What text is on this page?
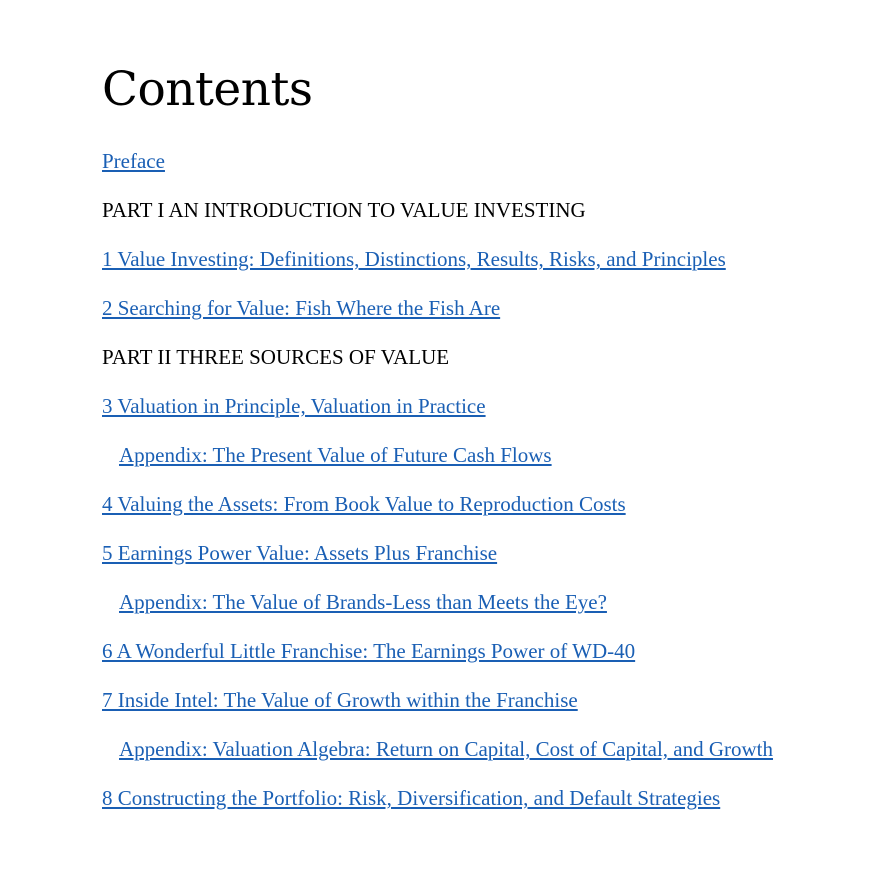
Contents

Preface

PART I AN INTRODUCTION TO VALUE INVESTING

1 Value Investing: Definitions, Distinctions, Results, Risks, and Principles

2 Searching for Value: Fish Where the Fish Are

PART II THREE SOURCES OF VALUE

3 Valuation in Principle, Valuation in Practice

Appendix: The Present Value of Future Cash Flows

4 Valuing the Assets: From Book Value to Reproduction Costs

5 Earnings Power Value: Assets Plus Franchise

Appendix: The Value of Brands-Less than Meets the Eye?

6 A Wonderful Little Franchise: The Earnings Power of WD-40

7 Inside Intel: The Value of Growth within the Franchise

Appendix: Valuation Algebra: Return on Capital, Cost of Capital, and Growth

8 Constructing the Portfolio: Risk, Diversification, and Default Strategies
